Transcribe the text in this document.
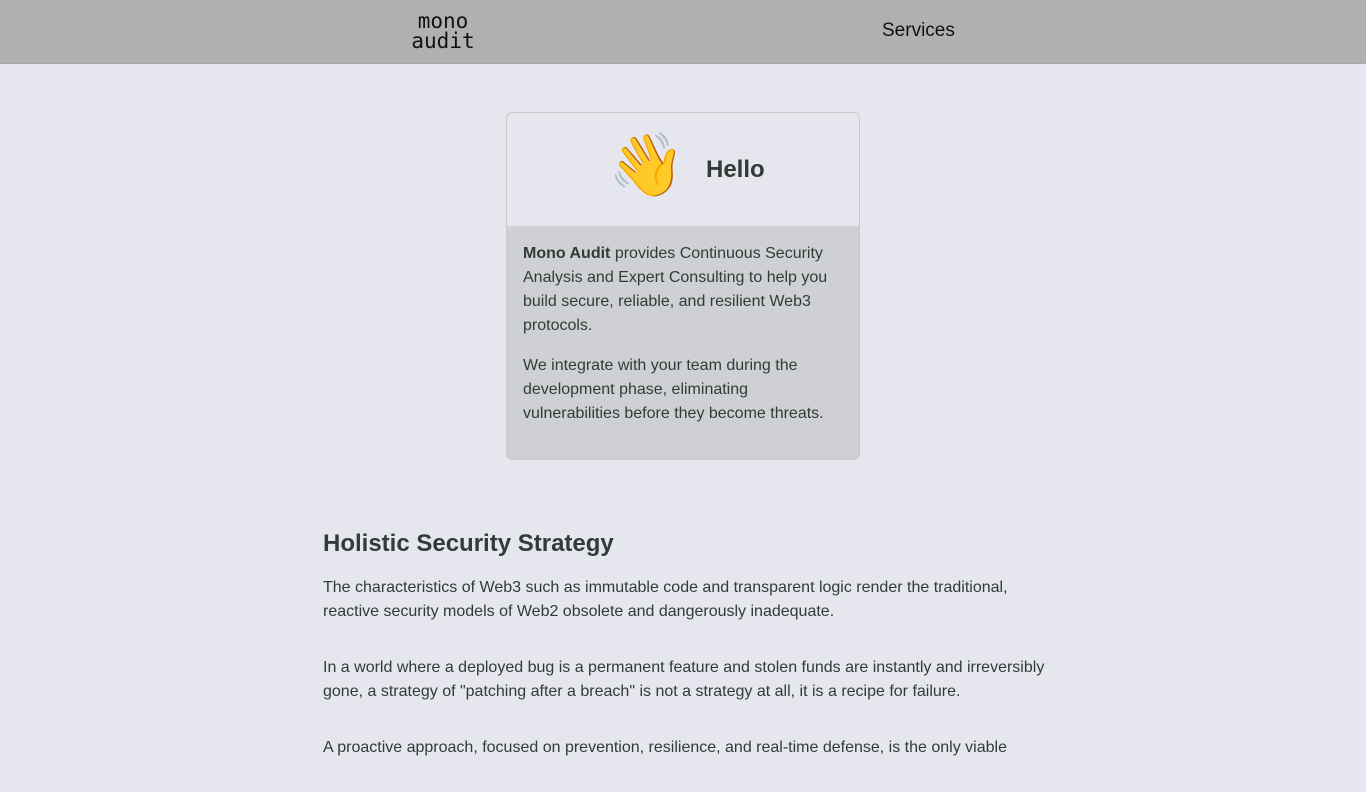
mono
audit	Services
👋 Hello

Mono Audit provides Continuous Security Analysis and Expert Consulting to help you build secure, reliable, and resilient Web3 protocols.

We integrate with your team during the development phase, eliminating vulnerabilities before they become threats.

Holistic Security Strategy

The characteristics of Web3 such as immutable code and transparent logic render the traditional, reactive security models of Web2 obsolete and dangerously inadequate.

In a world where a deployed bug is a permanent feature and stolen funds are instantly and irreversibly gone, a strategy of "patching after a breach" is not a strategy at all, it is a recipe for failure.

A proactive approach, focused on prevention, resilience, and real-time defense, is the only viable
